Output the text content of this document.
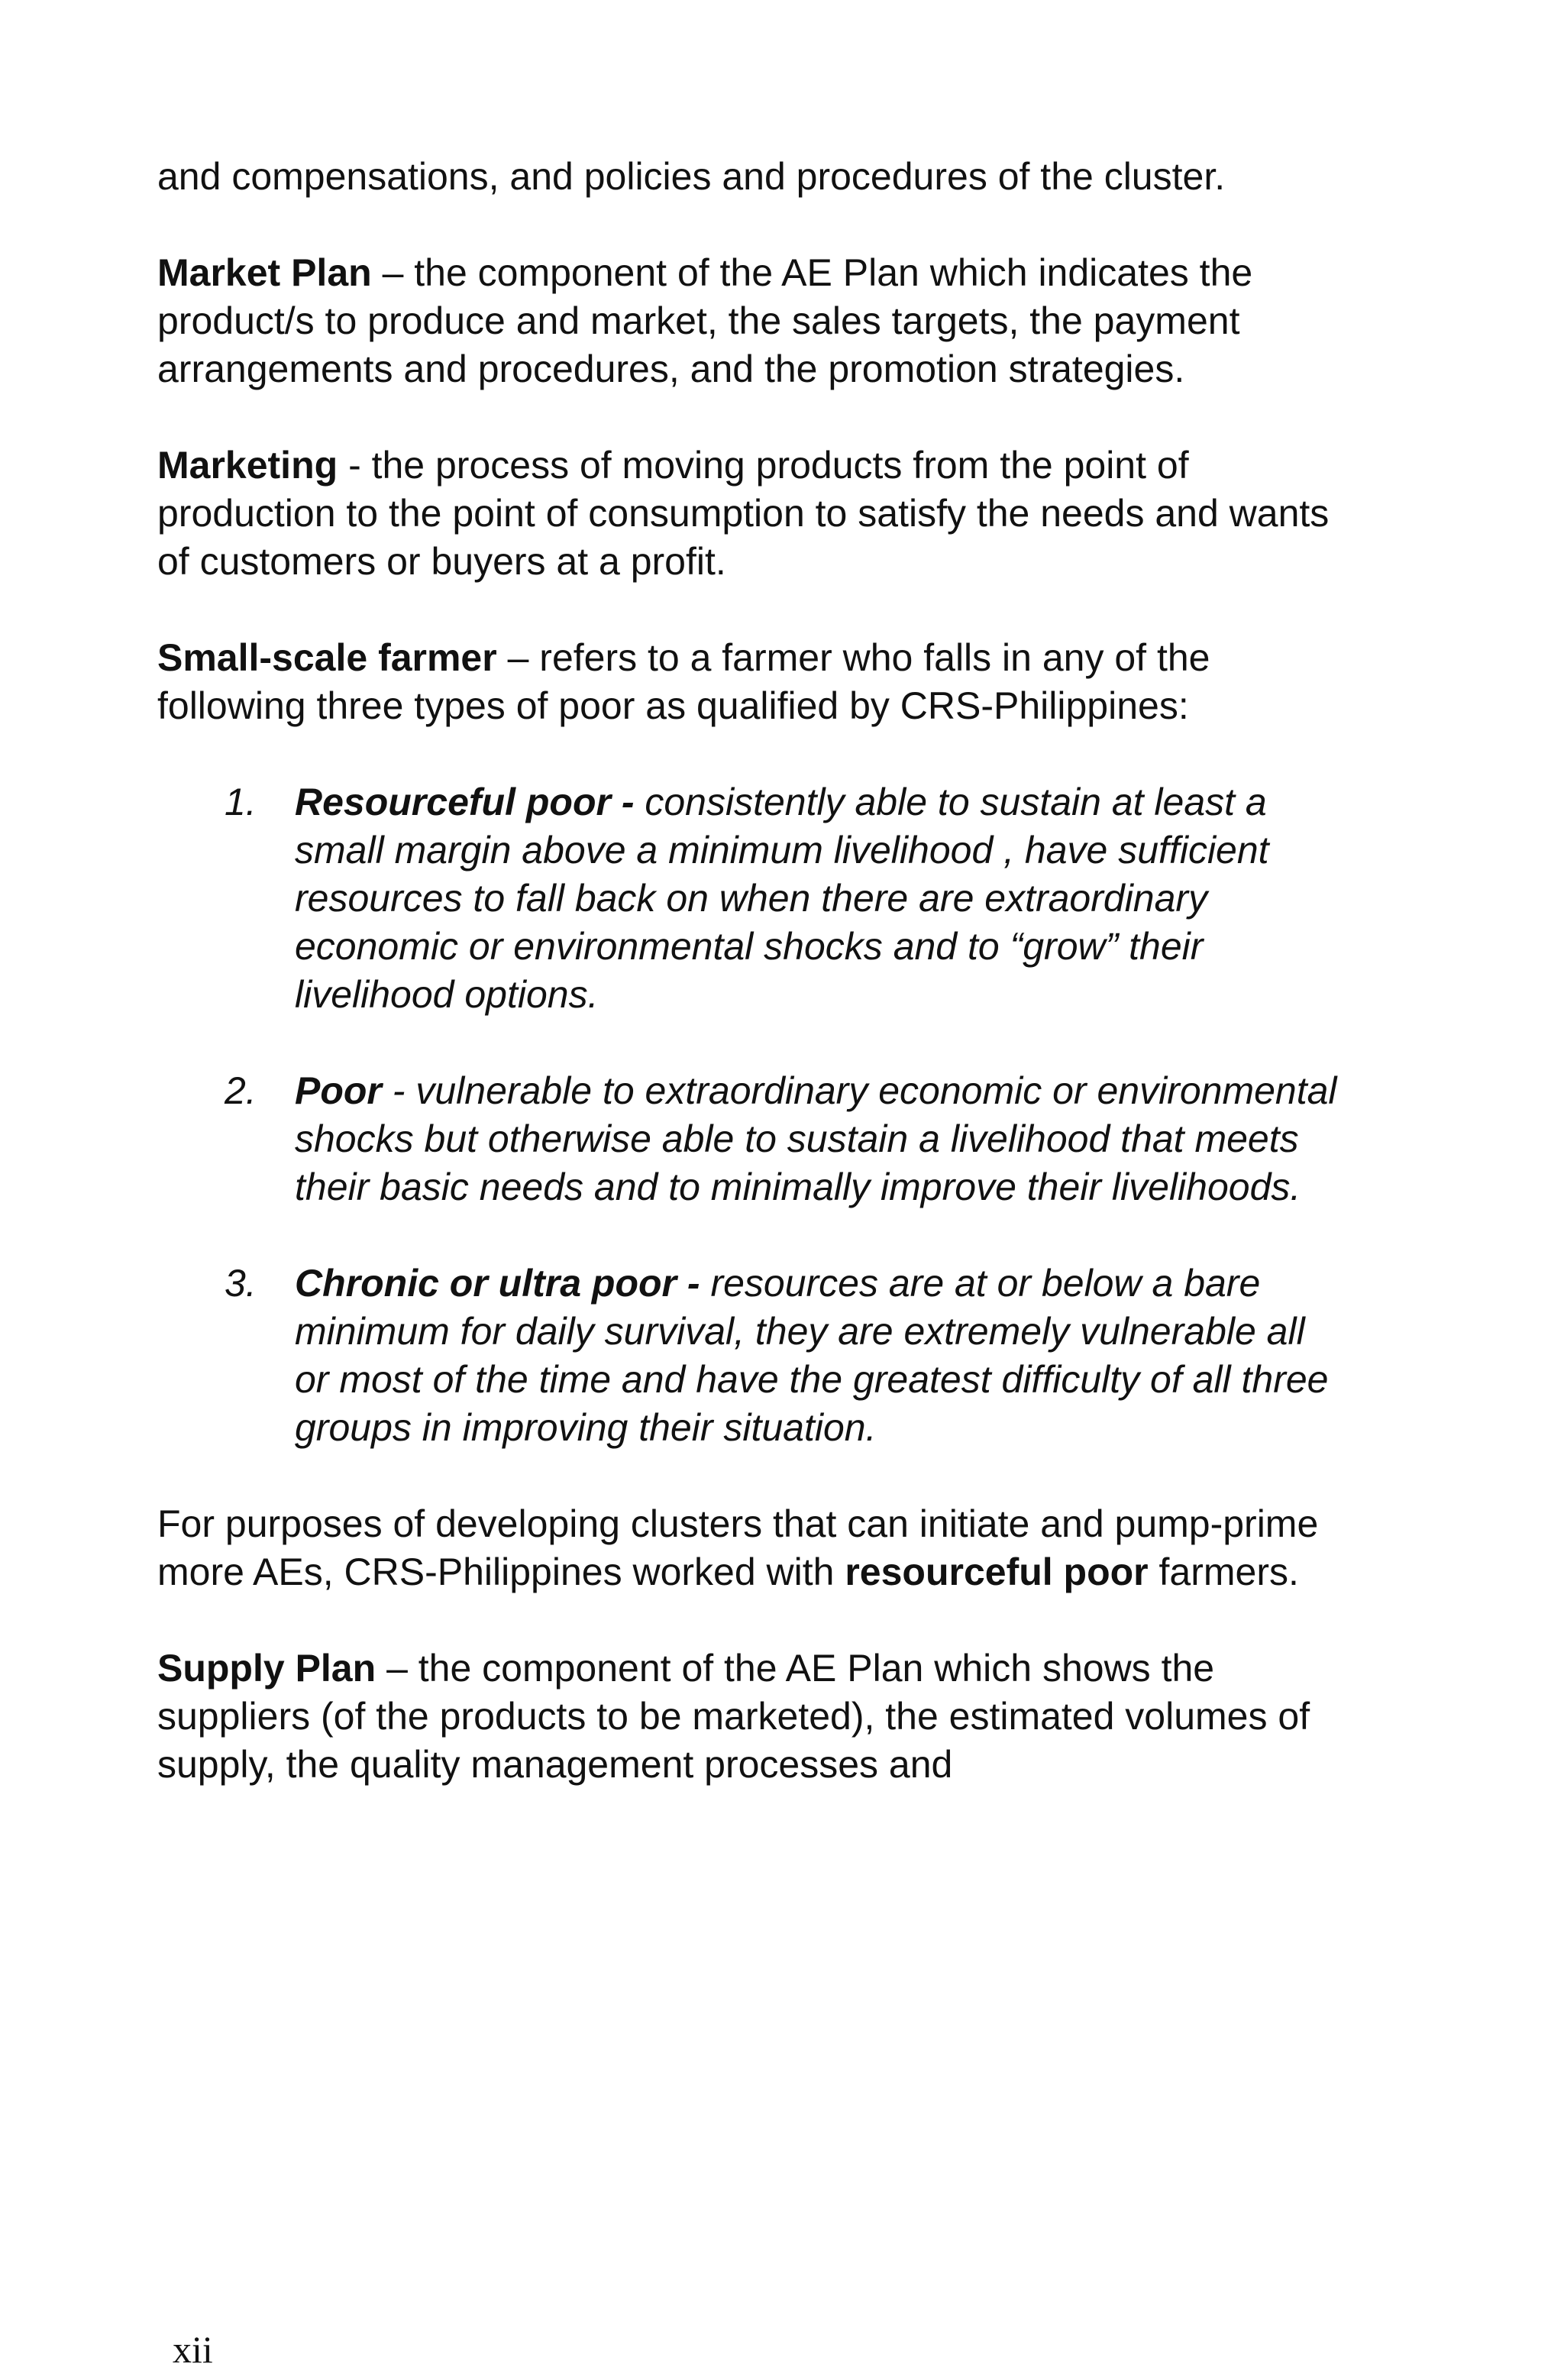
and compensations, and policies and procedures of the cluster.

Market Plan – the component of the AE Plan which indicates the product/s to produce and market, the sales targets, the payment arrangements and procedures, and the promotion strategies.

Marketing - the process of moving products from the point of production to the point of consumption to satisfy the needs and wants of customers or buyers at a profit.

Small-scale farmer – refers to a farmer who falls in any of the following three types of poor as qualified by CRS-Philippines:

1. Resourceful poor - consistently able to sustain at least a small margin above a minimum livelihood , have sufficient resources to fall back on when there are extraordinary economic or environmental shocks and to “grow” their livelihood options.
2. Poor - vulnerable to extraordinary economic or environmental shocks but otherwise able to sustain a livelihood that meets their basic needs and to minimally improve their livelihoods.
3. Chronic or ultra poor - resources are at or below a bare minimum for daily survival, they are extremely vulnerable all or most of the time and have the greatest difficulty of all three groups in improving their situation.

For purposes of developing clusters that can initiate and pump-prime more AEs, CRS-Philippines worked with resourceful poor farmers.

Supply Plan – the component of the AE Plan which shows the suppliers (of the products to be marketed), the estimated volumes of supply, the quality management processes and

xii
